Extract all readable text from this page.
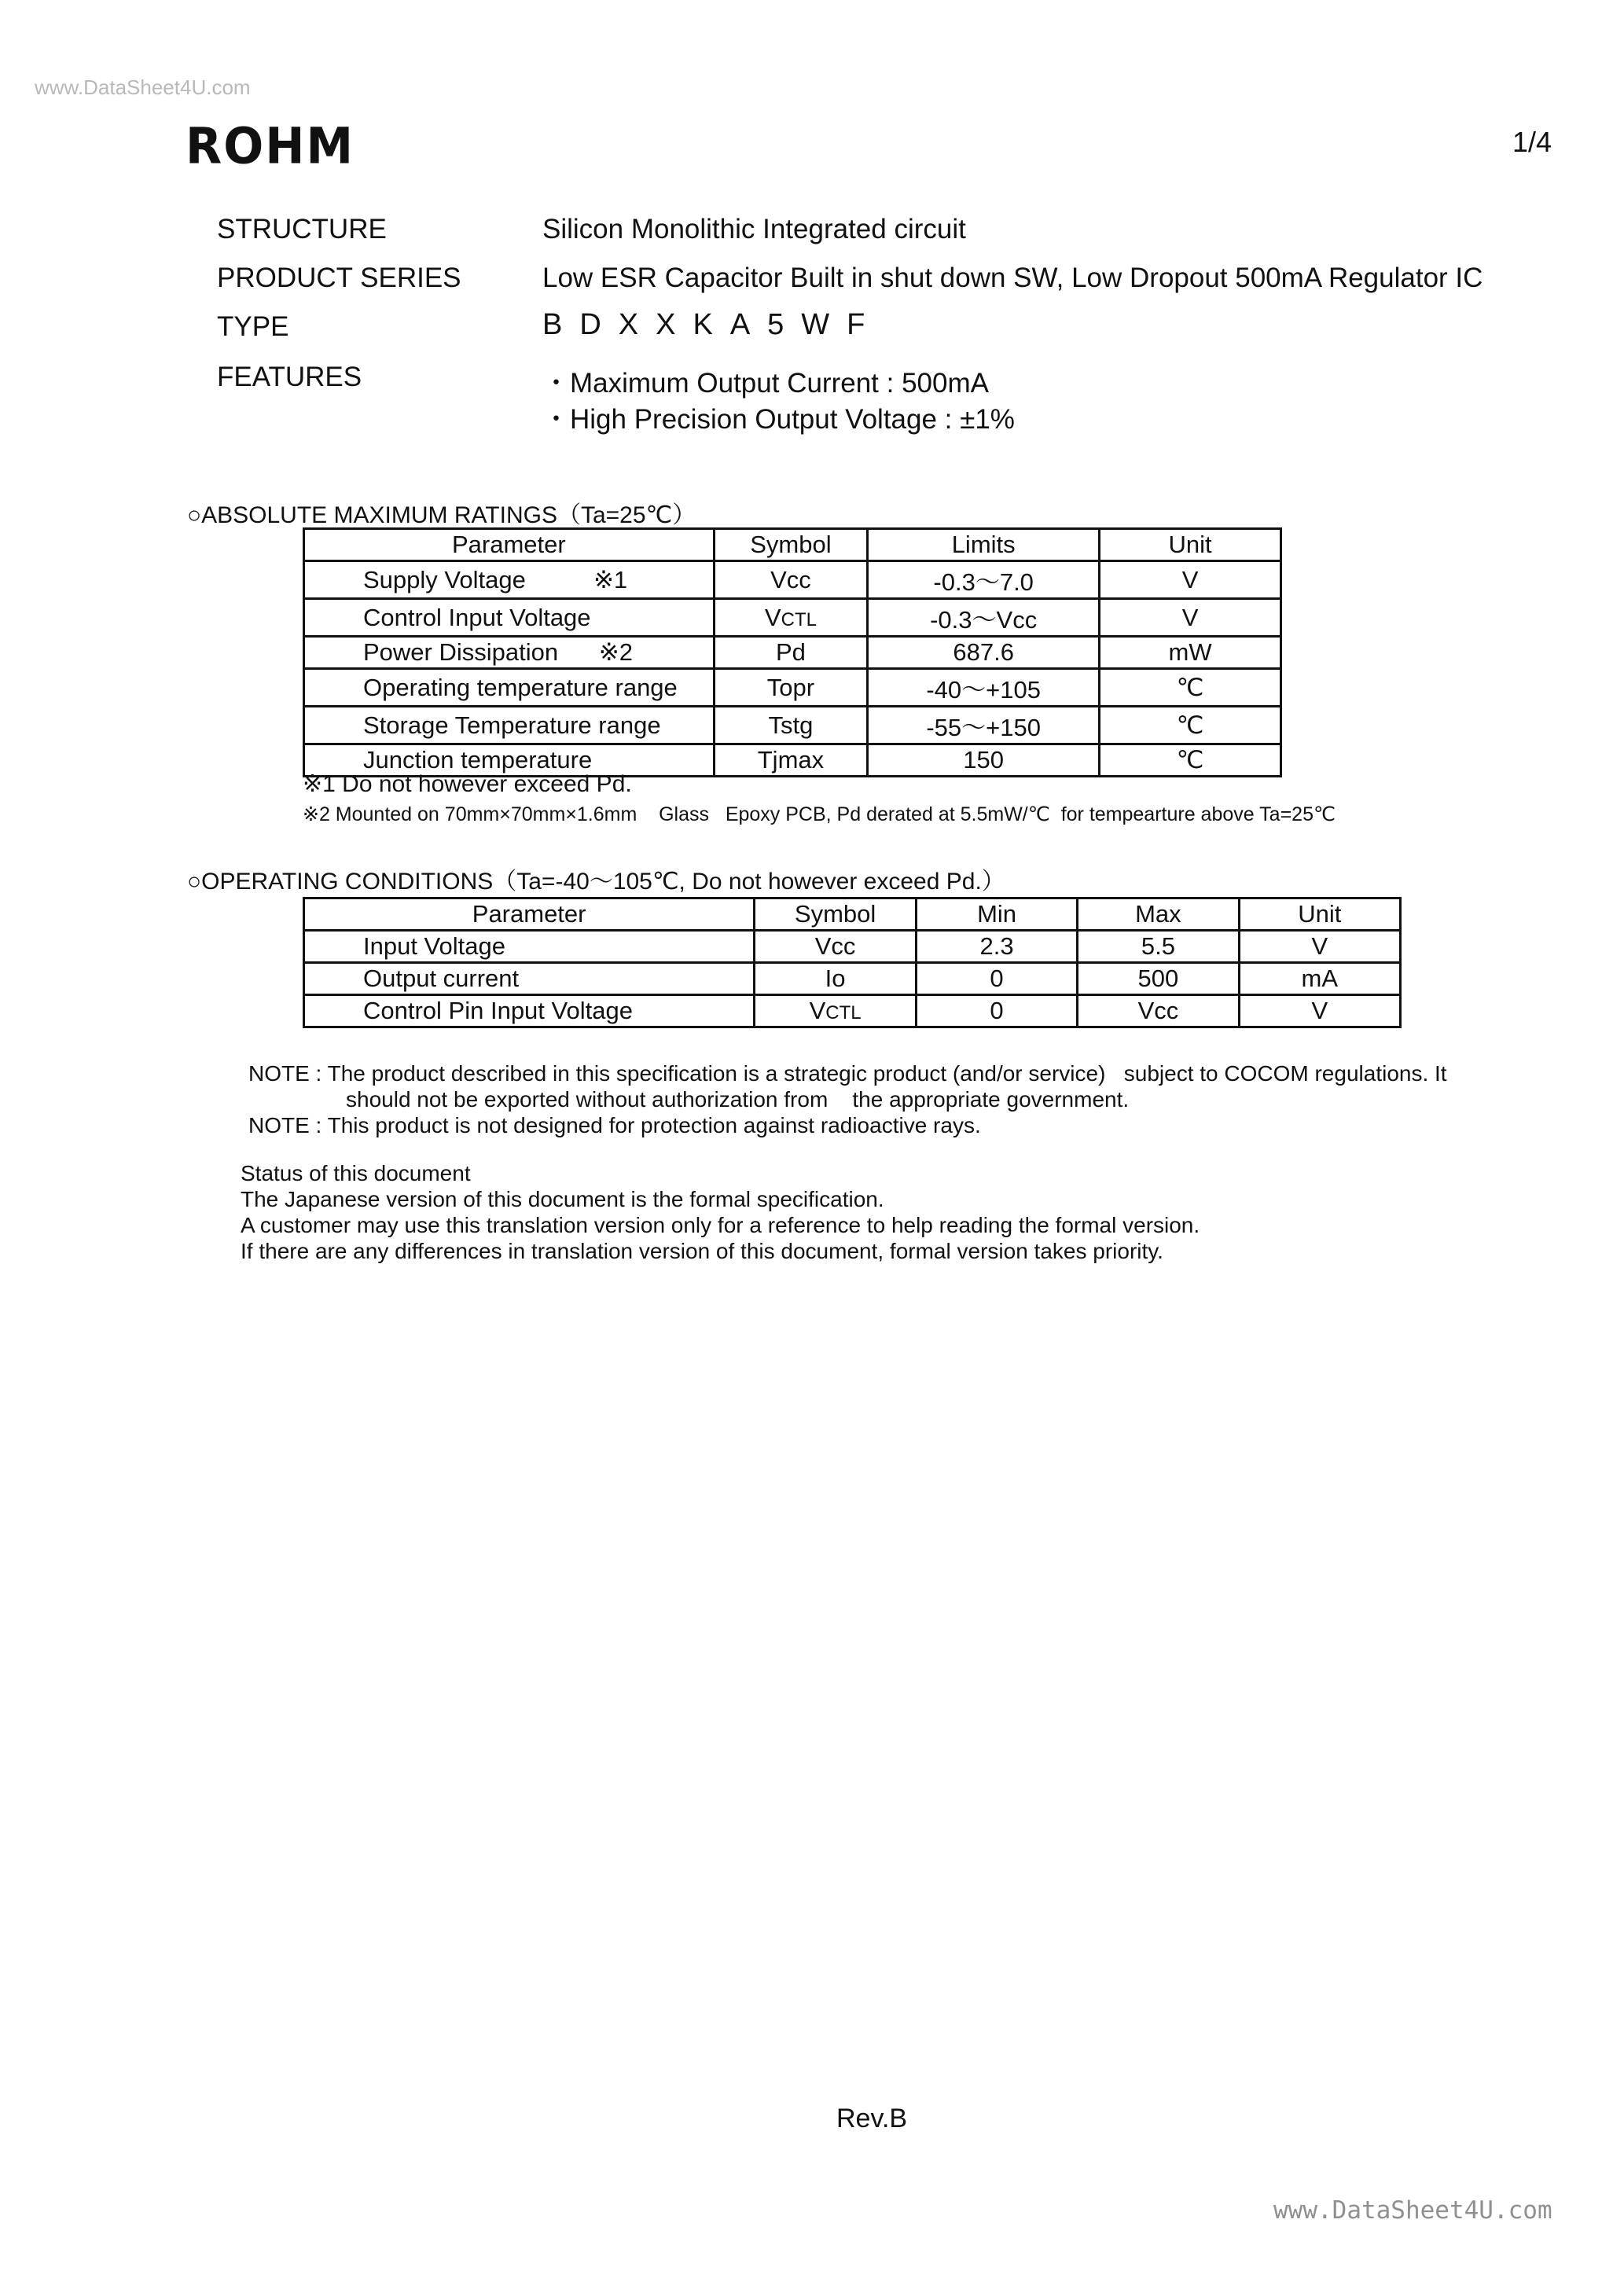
www.DataSheet4U.com
ROHM	1/4
STRUCTURE	Silicon Monolithic Integrated circuit
PRODUCT SERIES	Low ESR Capacitor Built in shut down SW, Low Dropout 500mA Regulator IC
TYPE	BDXXKA5WF
FEATURES	・Maximum Output Current : 500mA
・High Precision Output Voltage : ±1%
○ABSOLUTE MAXIMUM RATINGS（Ta=25℃）
Parameter	Symbol	Limits	Unit
Supply Voltage          ※1	Vcc	-0.3～7.0	V
Control Input Voltage	VCTL	-0.3～Vcc	V
Power Dissipation      ※2	Pd	687.6	mW
Operating temperature range	Topr	-40～+105	℃
Storage Temperature range	Tstg	-55～+150	℃
Junction temperature	Tjmax	150	℃
※1 Do not however exceed Pd.
※2 Mounted on 70mm×70mm×1.6mm    Glass   Epoxy PCB, Pd derated at 5.5mW/℃  for tempearture above Ta=25℃
○OPERATING CONDITIONS（Ta=-40～105℃, Do not however exceed Pd.）
Parameter	Symbol	Min	Max	Unit
Input Voltage	Vcc	2.3	5.5	V
Output current	Io	0	500	mA
Control Pin Input Voltage	VCTL	0	Vcc	V
NOTE : The product described in this specification is a strategic product (and/or service)   subject to COCOM regulations. It
should not be exported without authorization from    the appropriate government.
NOTE : This product is not designed for protection against radioactive rays.
Status of this document
The Japanese version of this document is the formal specification.
A customer may use this translation version only for a reference to help reading the formal version.
If there are any differences in translation version of this document, formal version takes priority.
Rev.B
www.DataSheet4U.com
